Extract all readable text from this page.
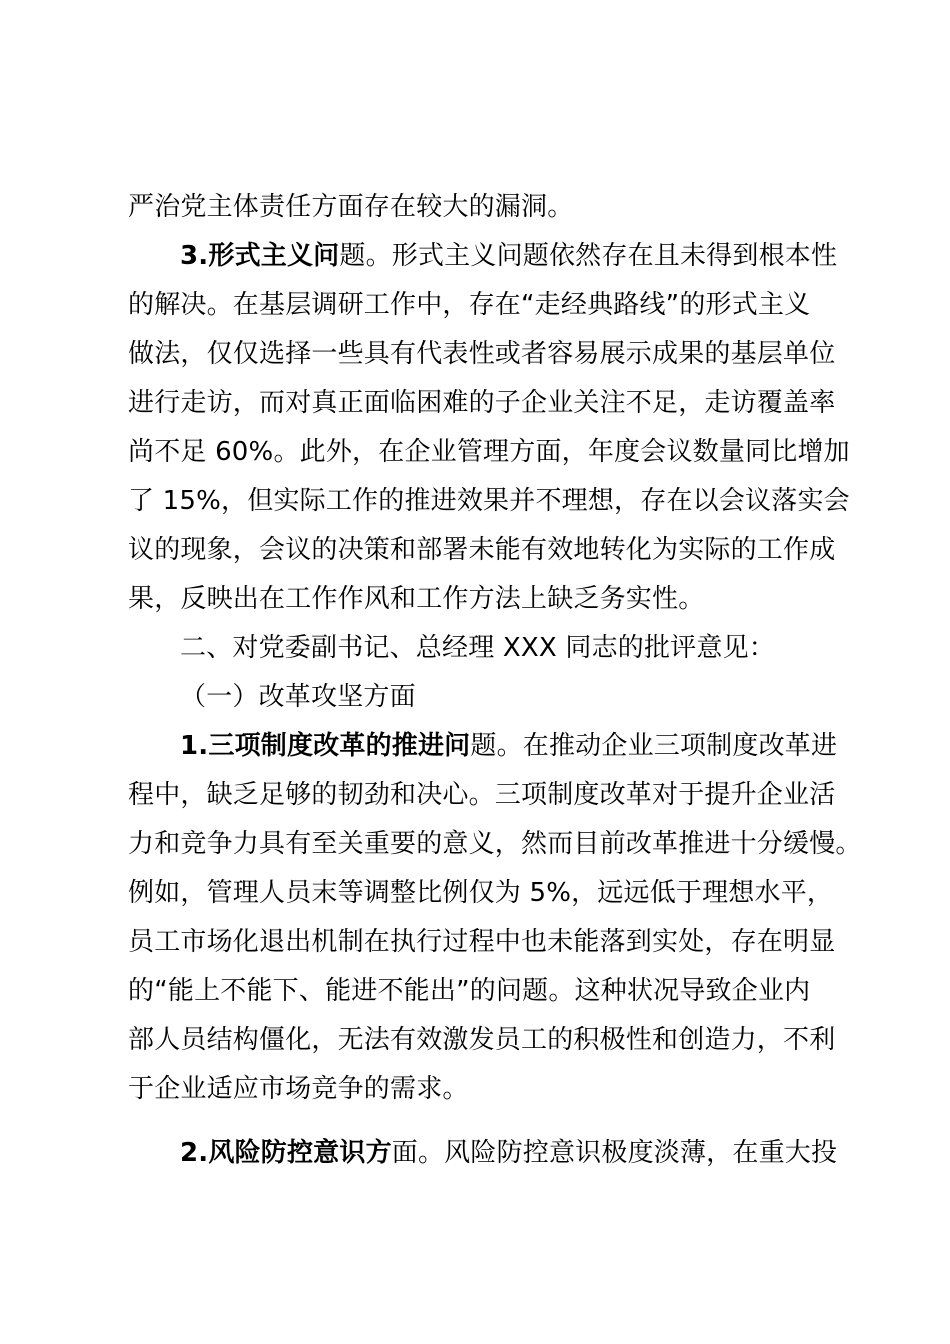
严治党主体责任方面存在较大的漏洞。
3.形式主义问题。形式主义问题依然存在且未得到根本性
的解决。在基层调研工作中，存在“走经典路线”的形式主义
做法，仅仅选择一些具有代表性或者容易展示成果的基层单位
进行走访，而对真正面临困难的子企业关注不足，走访覆盖率
尚不足 60%。此外，在企业管理方面，年度会议数量同比增加
了 15%，但实际工作的推进效果并不理想，存在以会议落实会
议的现象，会议的决策和部署未能有效地转化为实际的工作成
果，反映出在工作作风和工作方法上缺乏务实性。
二、对党委副书记、总经理 XXX 同志的批评意见：
（一）改革攻坚方面
1.三项制度改革的推进问题。在推动企业三项制度改革进
程中，缺乏足够的韧劲和决心。三项制度改革对于提升企业活
力和竞争力具有至关重要的意义，然而目前改革推进十分缓慢。
例如，管理人员末等调整比例仅为 5%，远远低于理想水平，
员工市场化退出机制在执行过程中也未能落到实处，存在明显
的“能上不能下、能进不能出”的问题。这种状况导致企业内
部人员结构僵化，无法有效激发员工的积极性和创造力，不利
于企业适应市场竞争的需求。
2.风险防控意识方面。风险防控意识极度淡薄，在重大投
